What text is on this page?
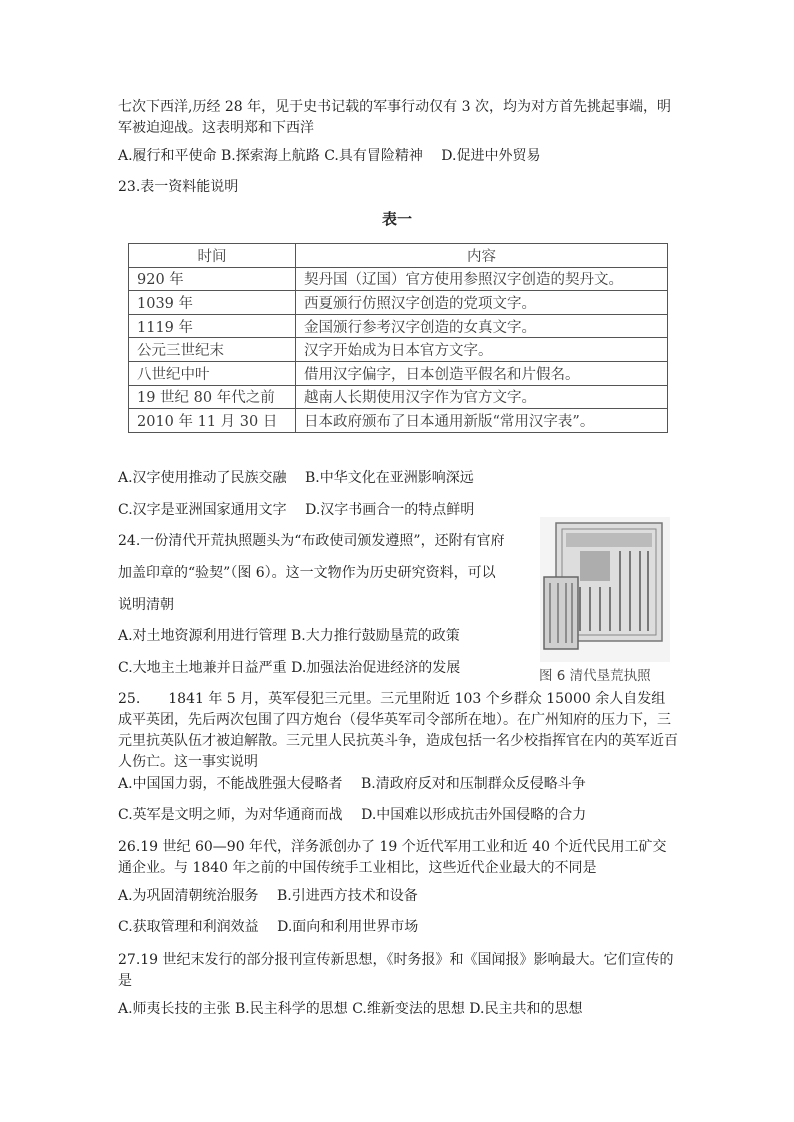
七次下西洋,历经 28 年，见于史书记载的军事行动仅有 3 次，均为对方首先挑起事端，明军被迫迎战。这表明郑和下西洋
A.履行和平使命 B.探索海上航路 C.具有冒险精神　 D.促进中外贸易
23.表一资料能说明
表一
时间	内容
920 年	契丹国（辽国）官方使用参照汉字创造的契丹文。
1039 年	西夏颁行仿照汉字创造的党项文字。
1119 年	金国颁行参考汉字创造的女真文字。
公元三世纪末	汉字开始成为日本官方文字。
八世纪中叶	借用汉字偏字，日本创造平假名和片假名。
19 世纪 80 年代之前	越南人长期使用汉字作为官方文字。
2010 年 11 月 30 日	日本政府颁布了日本通用新版“常用汉字表”。
A.汉字使用推动了民族交融　 B.中华文化在亚洲影响深远
C.汉字是亚洲国家通用文字　 D.汉字书画合一的特点鲜明
24.一份清代开荒执照题头为“布政使司颁发遵照”，还附有官府
加盖印章的“验契”（图 6）。这一文物作为历史研究资料，可以
说明清朝
A.对土地资源利用进行管理 B.大力推行鼓励垦荒的政策
C.大地主土地兼并日益严重 D.加强法治促进经济的发展	图 6 清代垦荒执照
25.　　1841 年 5 月，英军侵犯三元里。三元里附近 103 个乡群众 15000 余人自发组成平英团，先后两次包围了四方炮台（侵华英军司令部所在地）。在广州知府的压力下，三元里抗英队伍才被迫解散。三元里人民抗英斗争，造成包括一名少校指挥官在内的英军近百人伤亡。这一事实说明
A.中国国力弱，不能战胜强大侵略者　 B.清政府反对和压制群众反侵略斗争
C.英军是文明之师，为对华通商而战　 D.中国难以形成抗击外国侵略的合力
26.19 世纪 60—90 年代，洋务派创办了 19 个近代军用工业和近 40 个近代民用工矿交通企业。与 1840 年之前的中国传统手工业相比，这些近代企业最大的不同是
A.为巩固清朝统治服务　 B.引进西方技术和设备
C.获取管理和利润效益　 D.面向和利用世界市场
27.19 世纪末发行的部分报刊宣传新思想，《时务报》和《国闻报》影响最大。它们宣传的是
A.师夷长技的主张 B.民主科学的思想 C.维新变法的思想 D.民主共和的思想
